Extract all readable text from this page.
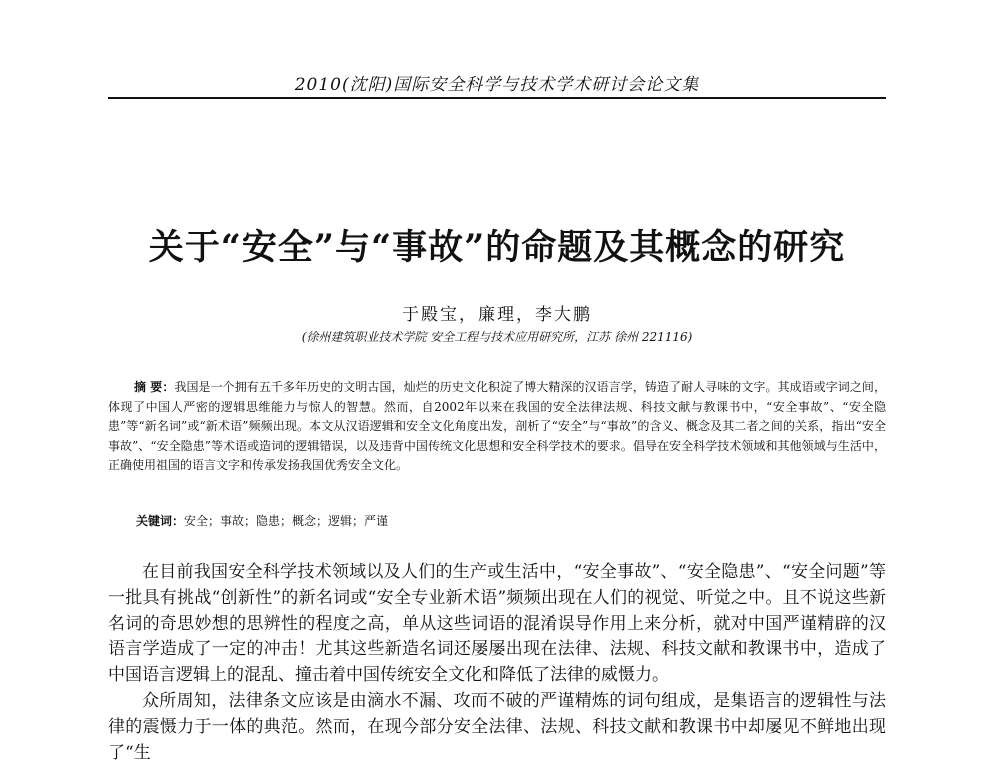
2010(沈阳)国际安全科学与技术学术研讨会论文集
关于“安全”与“事故”的命题及其概念的研究
于殿宝，廉理，李大鹏
(徐州建筑职业技术学院 安全工程与技术应用研究所，江苏 徐州 221116)
摘 要：我国是一个拥有五千多年历史的文明古国，灿烂的历史文化积淀了博大精深的汉语言学，铸造了耐人寻味的文字。其成语或字词之间，体现了中国人严密的逻辑思维能力与惊人的智慧。然而，自2002年以来在我国的安全法律法规、科技文献与教课书中，“安全事故”、“安全隐患”等“新名词”或“新术语”频频出现。本文从汉语逻辑和安全文化角度出发，剖析了“安全”与“事故”的含义、概念及其二者之间的关系，指出“安全事故”、“安全隐患”等术语或造词的逻辑错误，以及违背中国传统文化思想和安全科学技术的要求。倡导在安全科学技术领域和其他领域与生活中，正确使用祖国的语言文字和传承发扬我国优秀安全文化。
关键词：安全；事故；隐患；概念；逻辑；严谨

在目前我国安全科学技术领域以及人们的生产或生活中，“安全事故”、“安全隐患”、“安全问题”等一批具有挑战“创新性”的新名词或“安全专业新术语”频频出现在人们的视觉、听觉之中。且不说这些新名词的奇思妙想的思辨性的程度之高，单从这些词语的混淆误导作用上来分析，就对中国严谨精辟的汉语言学造成了一定的冲击！尤其这些新造名词还屡屡出现在法律、法规、科技文献和教课书中，造成了中国语言逻辑上的混乱、撞击着中国传统安全文化和降低了法律的威慑力。

众所周知，法律条文应该是由滴水不漏、攻而不破的严谨精炼的词句组成，是集语言的逻辑性与法律的震慑力于一体的典范。然而，在现今部分安全法律、法规、科技文献和教课书中却屡见不鲜地出现了“生
